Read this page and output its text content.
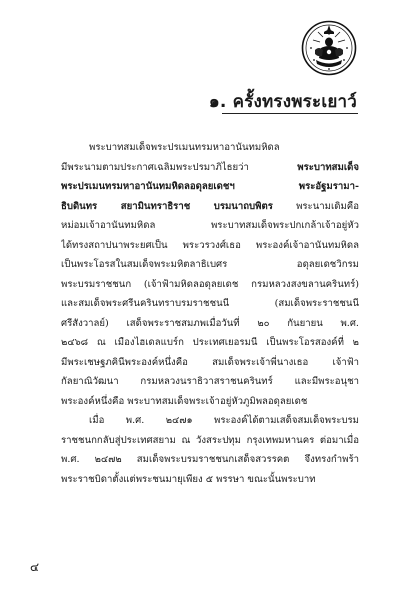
๑. ครั้งทรงพระเยาว์
พระบาทสมเด็จพระปรเมนทรมหาอานันทมหิดล
มีพระนามตามประกาศเฉลิมพระปรมาภิไธยว่า พระบาทสมเด็จ
พระปรเมนทรมหาอานันทมหิดลอดุลยเดชฯ พระอัฐมรามา-
ธิบดินทร สยามินทราธิราช บรมนาถบพิตร พระนามเดิมคือ
หม่อมเจ้าอานันทมหิดล พระบาทสมเด็จพระปกเกล้าเจ้าอยู่หัว
ได้ทรงสถาปนาพระยศเป็น พระวรวงศ์เธอ พระองค์เจ้าอานันทมหิดล
เป็นพระโอรสในสมเด็จพระมหิตลาธิเบศร อดุลยเดชวิกรม
พระบรมราชชนก (เจ้าฟ้ามหิดลอดุลยเดช กรมหลวงสงขลานครินทร์)
และสมเด็จพระศรีนครินทราบรมราชชนนี (สมเด็จพระราชชนนี
ศรีสังวาลย์) เสด็จพระราชสมภพเมื่อวันที่ ๒๐ กันยายน พ.ศ.
๒๔๖๘ ณ เมืองไฮเดลแบร์ก ประเทศเยอรมนี เป็นพระโอรสองค์ที่ ๒
มีพระเชษฐภคินีพระองค์หนึ่งคือ สมเด็จพระเจ้าพี่นางเธอ เจ้าฟ้า
กัลยาณิวัฒนา กรมหลวงนราธิวาสราชนครินทร์ และมีพระอนุชา
พระองค์หนึ่งคือ พระบาทสมเด็จพระเจ้าอยู่หัวภูมิพลอดุลยเดช
เมื่อ พ.ศ. ๒๔๗๑ พระองค์ได้ตามเสด็จสมเด็จพระบรม
ราชชนกกลับสู่ประเทศสยาม ณ วังสระปทุม กรุงเทพมหานคร ต่อมาเมื่อ
พ.ศ. ๒๔๗๒ สมเด็จพระบรมราชชนกเสด็จสวรรคต จึงทรงกำพร้า
พระราชบิดาตั้งแต่พระชนมายุเพียง ๕ พรรษา ขณะนั้นพระบาท
๔
